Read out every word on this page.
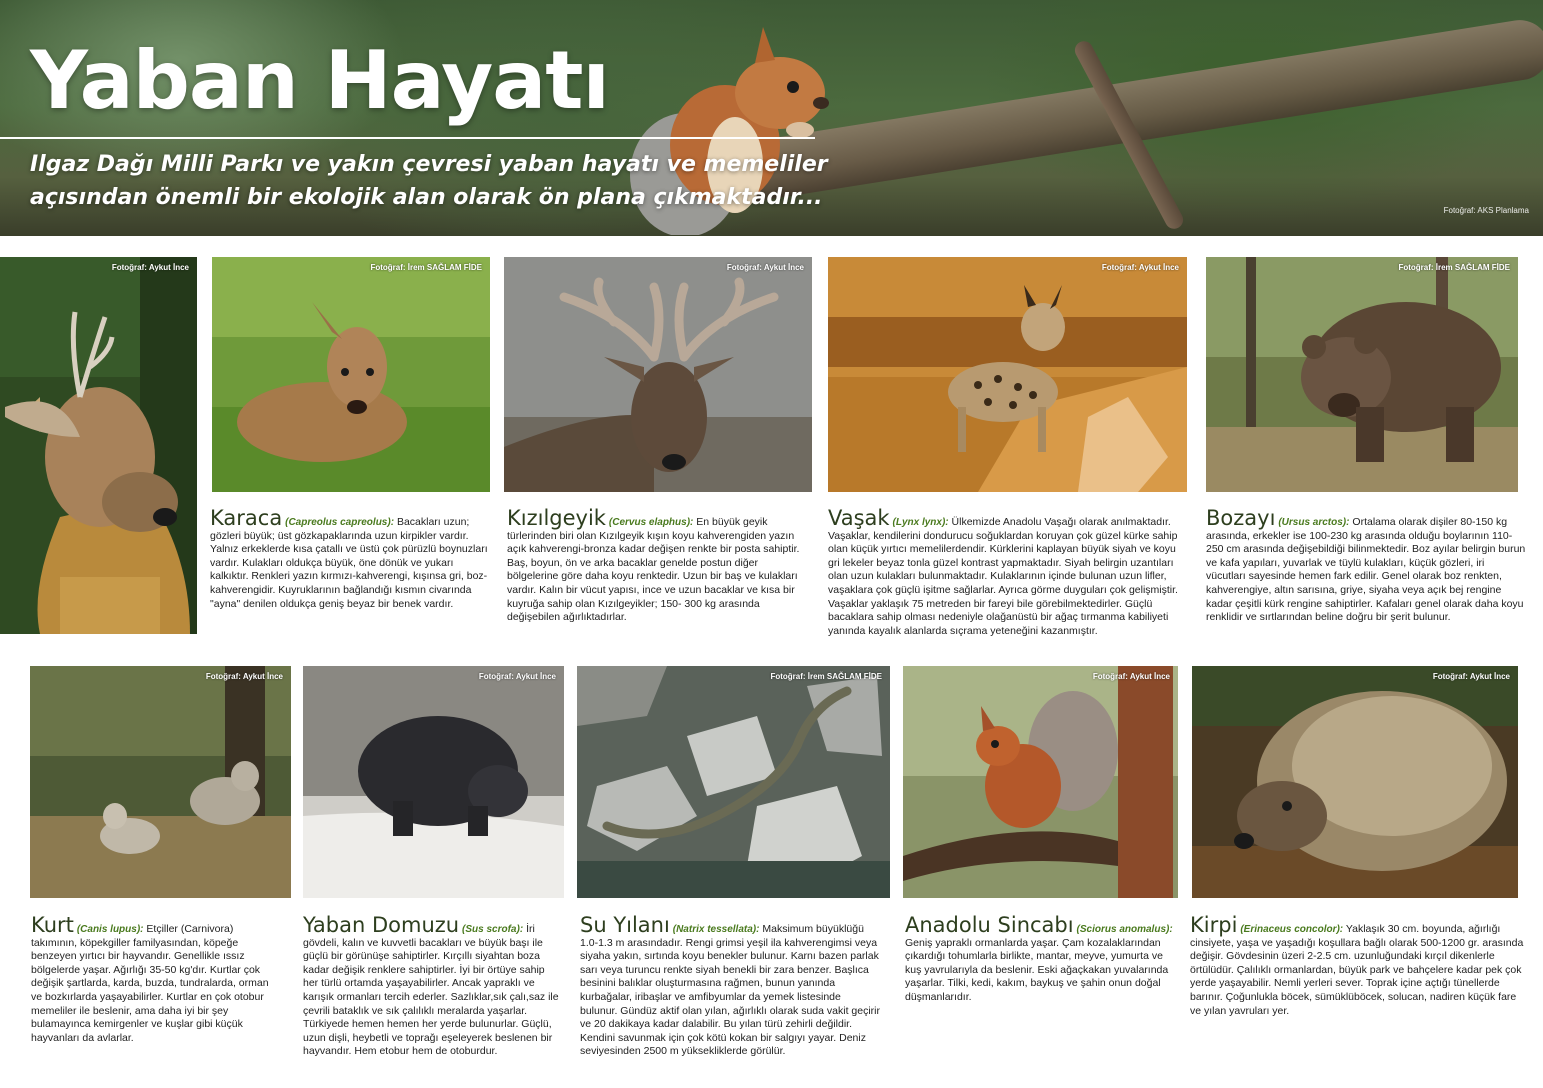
Yaban Hayatı
Ilgaz Dağı Milli Parkı ve yakın çevresi yaban hayatı ve memeliler açısından önemli bir ekolojik alan olarak ön plana çıkmaktadır...
Fotoğraf: AKS Planlama
Fotoğraf: Aykut İnce	Fotoğraf: İrem SAĞLAM FİDE	Fotoğraf: Aykut İnce	Fotoğraf: Aykut İnce	Fotoğraf: İrem SAĞLAM FİDE
Karaca (Capreolus capreolus): Bacakları uzun; gözleri büyük; üst gözkapaklarında uzun kirpikler vardır. Yalnız erkeklerde kısa çatallı ve üstü çok pürüzlü boynuzları vardır. Kulakları oldukça büyük, öne dönük ve yukarı kalkıktır. Renkleri yazın kırmızı-kahverengi, kışınsa gri, boz-kahverengidir. Kuyruklarının bağlandığı kısmın civarında "ayna" denilen oldukça geniş beyaz bir benek vardır.
Kızılgeyik (Cervus elaphus): En büyük geyik türlerinden biri olan Kızılgeyik kışın koyu kahverengiden yazın açık kahverengi-bronza kadar değişen renkte bir posta sahiptir. Baş, boyun, ön ve arka bacaklar genelde postun diğer bölgelerine göre daha koyu renktedir. Uzun bir baş ve kulakları vardır. Kalın bir vücut yapısı, ince ve uzun bacaklar ve kısa bir kuyruğa sahip olan Kızılgeyikler; 150- 300 kg arasında değişebilen ağırlıktadırlar.
Vaşak (Lynx lynx): Ülkemizde Anadolu Vaşağı olarak anılmaktadır. Vaşaklar, kendilerini dondurucu soğuklardan koruyan çok güzel kürke sahip olan küçük yırtıcı memelilerdendir. Kürklerini kaplayan büyük siyah ve koyu gri lekeler beyaz tonla güzel kontrast yapmaktadır. Siyah belirgin uzantıları olan uzun kulakları bulunmaktadır. Kulaklarının içinde bulunan uzun lifler, vaşaklara çok güçlü işitme sağlarlar. Ayrıca görme duyguları çok gelişmiştir. Vaşaklar yaklaşık 75 metreden bir fareyi bile görebilmektedirler. Güçlü bacaklara sahip olması nedeniyle olağanüstü bir ağaç tırmanma kabiliyeti yanında kayalık alanlarda sıçrama yeteneğini kazanmıştır.
Bozayı (Ursus arctos): Ortalama olarak dişiler 80-150 kg arasında, erkekler ise 100-230 kg arasında olduğu boylarının 110-250 cm arasında değişebildiği bilinmektedir. Boz ayılar belirgin burun ve kafa yapıları, yuvarlak ve tüylü kulakları, küçük gözleri, iri vücutları sayesinde hemen fark edilir. Genel olarak boz renkten, kahverengiye, altın sarısına, griye, siyaha veya açık bej rengine kadar çeşitli kürk rengine sahiptirler. Kafaları genel olarak daha koyu renklidir ve sırtlarından beline doğru bir şerit bulunur.
Fotoğraf: Aykut İnce	Fotoğraf: Aykut İnce	Fotoğraf: İrem SAĞLAM FİDE	Fotoğraf: Aykut İnce	Fotoğraf: Aykut İnce
Kurt (Canis lupus): Etçiller (Carnivora) takımının, köpekgiller familyasından, köpeğe benzeyen yırtıcı bir hayvandır. Genellikle ıssız bölgelerde yaşar. Ağırlığı 35-50 kg'dır. Kurtlar çok değişik şartlarda, karda, buzda, tundralarda, orman ve bozkırlarda yaşayabilirler. Kurtlar en çok otobur memeliler ile beslenir, ama daha iyi bir şey bulamayınca kemirgenler ve kuşlar gibi küçük hayvanları da avlarlar.
Yaban Domuzu (Sus scrofa): İri gövdeli, kalın ve kuvvetli bacakları ve büyük başı ile güçlü bir görünüşe sahiptirler. Kırçıllı siyahtan boza kadar değişik renklere sahiptirler. İyi bir örtüye sahip her türlü ortamda yaşayabilirler. Ancak yapraklı ve karışık ormanları tercih ederler. Sazlıklar,sık çalı,saz ile çevrili bataklık ve sık çalılıklı meralarda yaşarlar. Türkiyede hemen hemen her yerde bulunurlar. Güçlü, uzun dişli, heybetli ve toprağı eşeleyerek beslenen bir hayvandır. Hem etobur hem de otoburdur.
Su Yılanı (Natrix tessellata): Maksimum büyüklüğü 1.0-1.3 m arasındadır. Rengi grimsi yeşil ila kahverengimsi veya siyaha yakın, sırtında koyu benekler bulunur. Karnı bazen parlak sarı veya turuncu renkte siyah benekli bir zara benzer. Başlıca besinini balıklar oluşturmasına rağmen, bunun yanında kurbağalar, iribaşlar ve amfibyumlar da yemek listesinde bulunur. Gündüz aktif olan yılan, ağırlıklı olarak suda vakit geçirir ve 20 dakikaya kadar dalabilir. Bu yılan türü zehirli değildir. Kendini savunmak için çok kötü kokan bir salgıyı yayar. Deniz seviyesinden 2500 m yüksekliklerde görülür.
Anadolu Sincabı (Sciorus anomalus): Geniş yapraklı ormanlarda yaşar. Çam kozalaklarından çıkardığı tohumlarla birlikte, mantar, meyve, yumurta ve kuş yavrularıyla da beslenir. Eski ağaçkakan yuvalarında yaşarlar. Tilki, kedi, kakım, baykuş ve şahin onun doğal düşmanlarıdır.
Kirpi (Erinaceus concolor): Yaklaşık 30 cm. boyunda, ağırlığı cinsiyete, yaşa ve yaşadığı koşullara bağlı olarak 500-1200 gr. arasında değişir. Gövdesinin üzeri 2-2.5 cm. uzunluğundaki kırçıl dikenlerle örtülüdür. Çalılıklı ormanlardan, büyük park ve bahçelere kadar pek çok yerde yaşayabilir. Nemli yerleri sever. Toprak içine açtığı tünellerde barınır. Çoğunlukla böcek, sümüklüböcek, solucan, nadiren küçük fare ve yılan yavruları yer.
